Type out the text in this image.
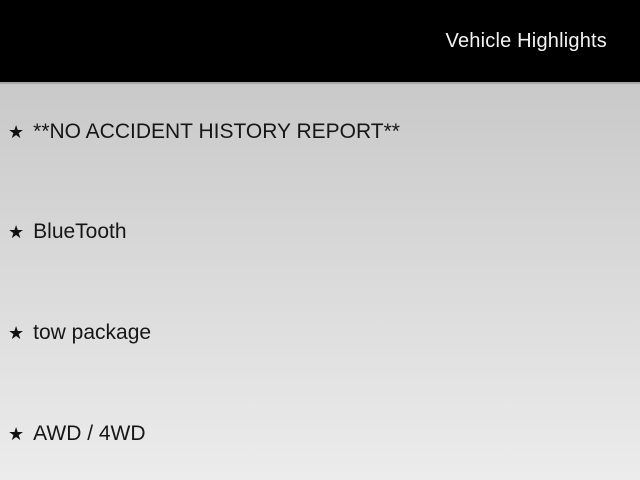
Vehicle Highlights
★ **NO ACCIDENT HISTORY REPORT**
★ BlueTooth
★ tow package
★ AWD / 4WD
